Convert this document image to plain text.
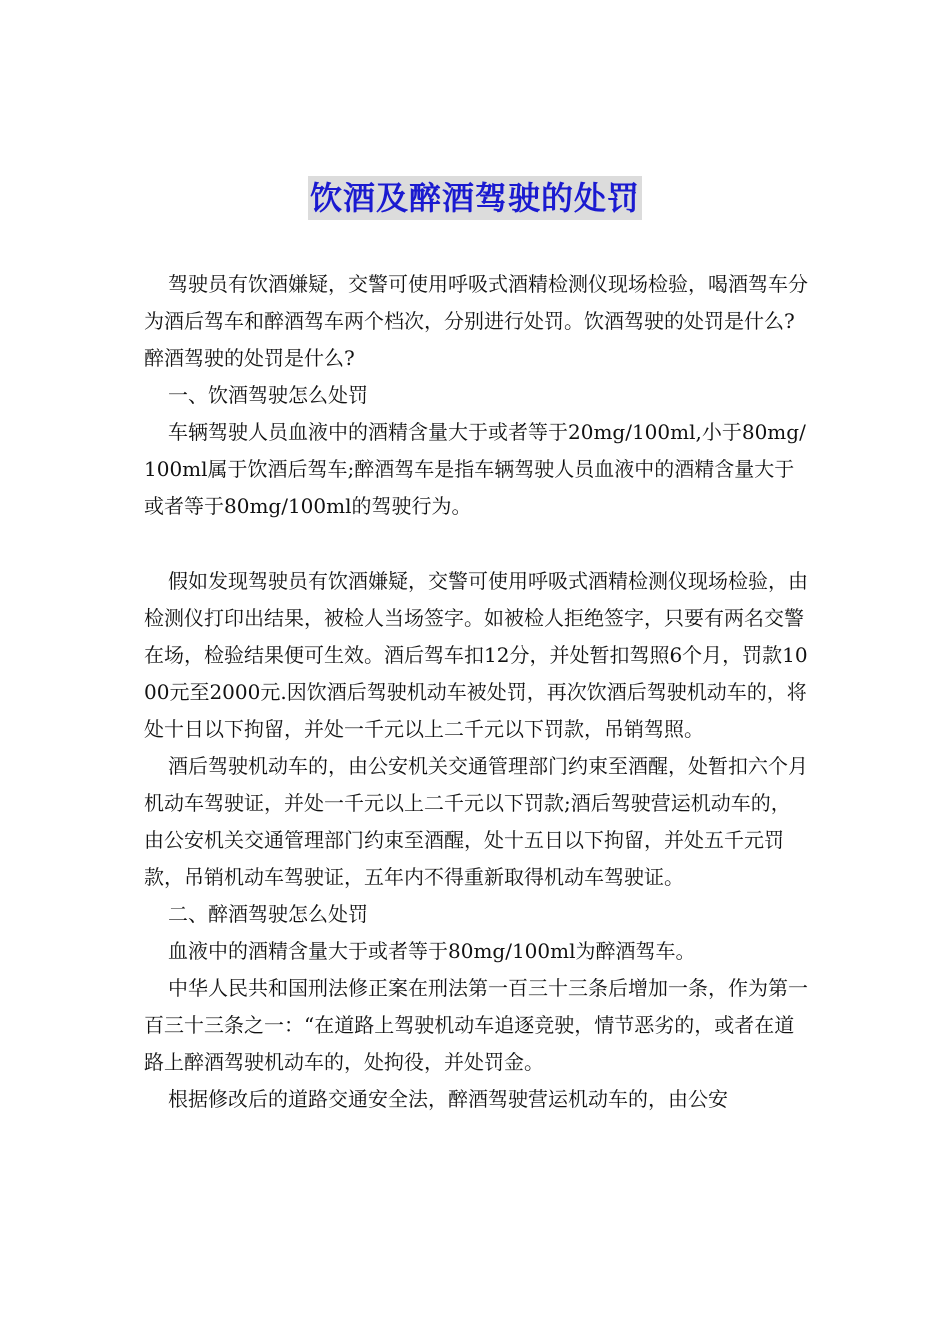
饮酒及醉酒驾驶的处罚

驾驶员有饮酒嫌疑，交警可使用呼吸式酒精检测仪现场检验，喝酒驾车分为酒后驾车和醉酒驾车两个档次，分别进行处罚。饮酒驾驶的处罚是什么?醉酒驾驶的处罚是什么?

一、饮酒驾驶怎么处罚

车辆驾驶人员血液中的酒精含量大于或者等于20mg/100ml,小于80mg/100ml属于饮酒后驾车;醉酒驾车是指车辆驾驶人员血液中的酒精含量大于或者等于80mg/100ml的驾驶行为。

假如发现驾驶员有饮酒嫌疑，交警可使用呼吸式酒精检测仪现场检验，由检测仪打印出结果，被检人当场签字。如被检人拒绝签字，只要有两名交警在场，检验结果便可生效。酒后驾车扣12分，并处暂扣驾照6个月，罚款1000元至2000元.因饮酒后驾驶机动车被处罚，再次饮酒后驾驶机动车的，将处十日以下拘留，并处一千元以上二千元以下罚款，吊销驾照。

酒后驾驶机动车的，由公安机关交通管理部门约束至酒醒，处暂扣六个月机动车驾驶证，并处一千元以上二千元以下罚款;酒后驾驶营运机动车的，由公安机关交通管理部门约束至酒醒，处十五日以下拘留，并处五千元罚款，吊销机动车驾驶证，五年内不得重新取得机动车驾驶证。

二、醉酒驾驶怎么处罚

血液中的酒精含量大于或者等于80mg/100ml为醉酒驾车。

中华人民共和国刑法修正案在刑法第一百三十三条后增加一条，作为第一百三十三条之一：“在道路上驾驶机动车追逐竞驶，情节恶劣的，或者在道路上醉酒驾驶机动车的，处拘役，并处罚金。

根据修改后的道路交通安全法，醉酒驾驶营运机动车的，由公安
